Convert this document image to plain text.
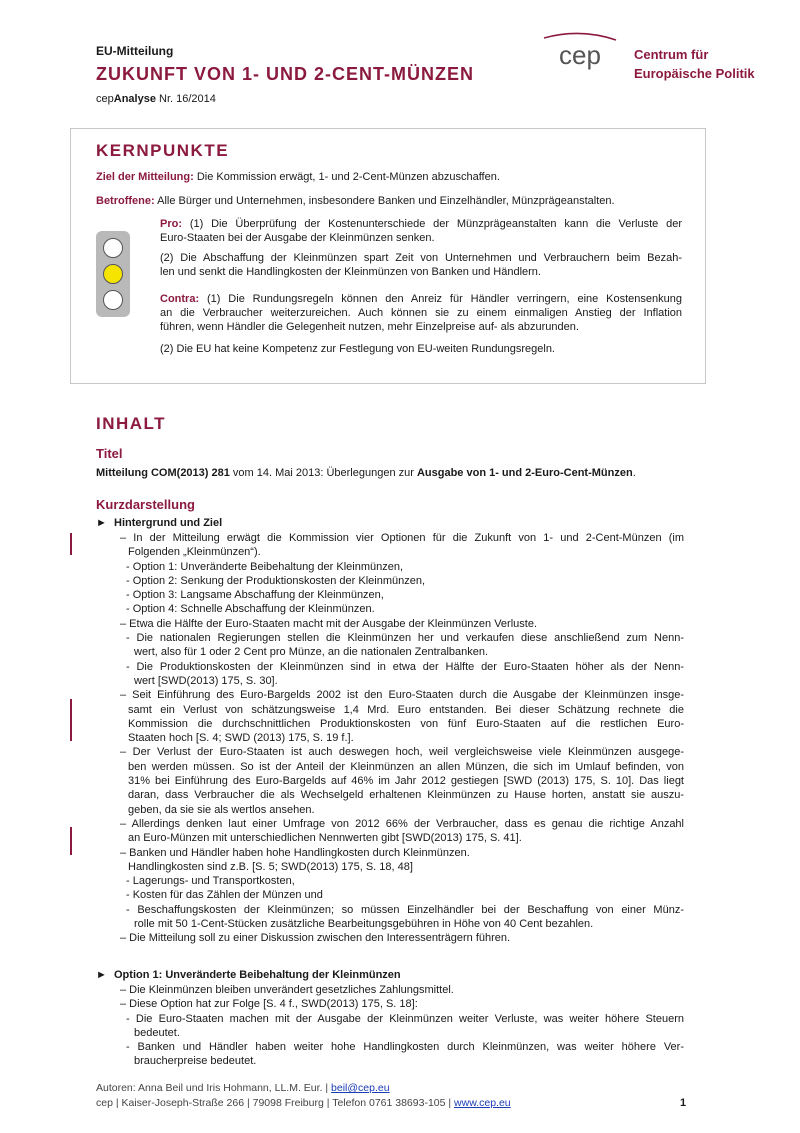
EU-Mitteilung
ZUKUNFT VON 1- UND 2-CENT-MÜNZEN
cepAnalyse Nr. 16/2014
cep	Centrum für
Europäische Politik
KERNPUNKTE
Ziel der Mitteilung: Die Kommission erwägt, 1- und 2-Cent-Münzen abzuschaffen.
Betroffene: Alle Bürger und Unternehmen, insbesondere Banken und Einzelhändler, Münzprägeanstalten.
Pro: (1) Die Überprüfung der Kostenunterschiede der Münzprägeanstalten kann die Verluste der
Euro-Staaten bei der Ausgabe der Kleinmünzen senken.
(2) Die Abschaffung der Kleinmünzen spart Zeit von Unternehmen und Verbrauchern beim Bezah-
len und senkt die Handlingkosten der Kleinmünzen von Banken und Händlern.
Contra: (1) Die Rundungsregeln können den Anreiz für Händler verringern, eine Kostensenkung
an die Verbraucher weiterzureichen. Auch können sie zu einem einmaligen Anstieg der Inflation
führen, wenn Händler die Gelegenheit nutzen, mehr Einzelpreise auf- als abzurunden.
(2) Die EU hat keine Kompetenz zur Festlegung von EU-weiten Rundungsregeln.
INHALT
Titel
Mitteilung COM(2013) 281 vom 14. Mai 2013: Überlegungen zur Ausgabe von 1- und 2-Euro-Cent-Münzen.
Kurzdarstellung
► Hintergrund und Ziel
– In der Mitteilung erwägt die Kommission vier Optionen für die Zukunft von 1- und 2-Cent-Münzen (im
Folgenden „Kleinmünzen“).
- Option 1: Unveränderte Beibehaltung der Kleinmünzen,
- Option 2: Senkung der Produktionskosten der Kleinmünzen,
- Option 3: Langsame Abschaffung der Kleinmünzen,
- Option 4: Schnelle Abschaffung der Kleinmünzen.
– Etwa die Hälfte der Euro-Staaten macht mit der Ausgabe der Kleinmünzen Verluste.
- Die nationalen Regierungen stellen die Kleinmünzen her und verkaufen diese anschließend zum Nenn-
wert, also für 1 oder 2 Cent pro Münze, an die nationalen Zentralbanken.
- Die Produktionskosten der Kleinmünzen sind in etwa der Hälfte der Euro-Staaten höher als der Nenn-
wert [SWD(2013) 175, S. 30].
– Seit Einführung des Euro-Bargelds 2002 ist den Euro-Staaten durch die Ausgabe der Kleinmünzen insge-
samt ein Verlust von schätzungsweise 1,4 Mrd. Euro entstanden. Bei dieser Schätzung rechnete die
Kommission die durchschnittlichen Produktionskosten von fünf Euro-Staaten auf die restlichen Euro-
Staaten hoch [S. 4; SWD (2013) 175, S. 19 f.].
– Der Verlust der Euro-Staaten ist auch deswegen hoch, weil vergleichsweise viele Kleinmünzen ausgege-
ben werden müssen. So ist der Anteil der Kleinmünzen an allen Münzen, die sich im Umlauf befinden, von
31% bei Einführung des Euro-Bargelds auf 46% im Jahr 2012 gestiegen [SWD (2013) 175, S. 10]. Das liegt
daran, dass Verbraucher die als Wechselgeld erhaltenen Kleinmünzen zu Hause horten, anstatt sie auszu-
geben, da sie sie als wertlos ansehen.
– Allerdings denken laut einer Umfrage von 2012 66% der Verbraucher, dass es genau die richtige Anzahl
an Euro-Münzen mit unterschiedlichen Nennwerten gibt [SWD(2013) 175, S. 41].
– Banken und Händler haben hohe Handlingkosten durch Kleinmünzen.
Handlingkosten sind z.B. [S. 5; SWD(2013) 175, S. 18, 48]
- Lagerungs- und Transportkosten,
- Kosten für das Zählen der Münzen und
- Beschaffungskosten der Kleinmünzen; so müssen Einzelhändler bei der Beschaffung von einer Münz-
rolle mit 50 1-Cent-Stücken zusätzliche Bearbeitungsgebühren in Höhe von 40 Cent bezahlen.
– Die Mitteilung soll zu einer Diskussion zwischen den Interessenträgern führen.
► Option 1: Unveränderte Beibehaltung der Kleinmünzen
– Die Kleinmünzen bleiben unverändert gesetzliches Zahlungsmittel.
– Diese Option hat zur Folge [S. 4 f., SWD(2013) 175, S. 18]:
- Die Euro-Staaten machen mit der Ausgabe der Kleinmünzen weiter Verluste, was weiter höhere Steuern
bedeutet.
- Banken und Händler haben weiter hohe Handlingkosten durch Kleinmünzen, was weiter höhere Ver-
braucherpreise bedeutet.
Autoren: Anna Beil und Iris Hohmann, LL.M. Eur. | beil@cep.eu
cep | Kaiser-Joseph-Straße 266 | 79098 Freiburg | Telefon 0761 38693-105 | www.cep.eu	1
